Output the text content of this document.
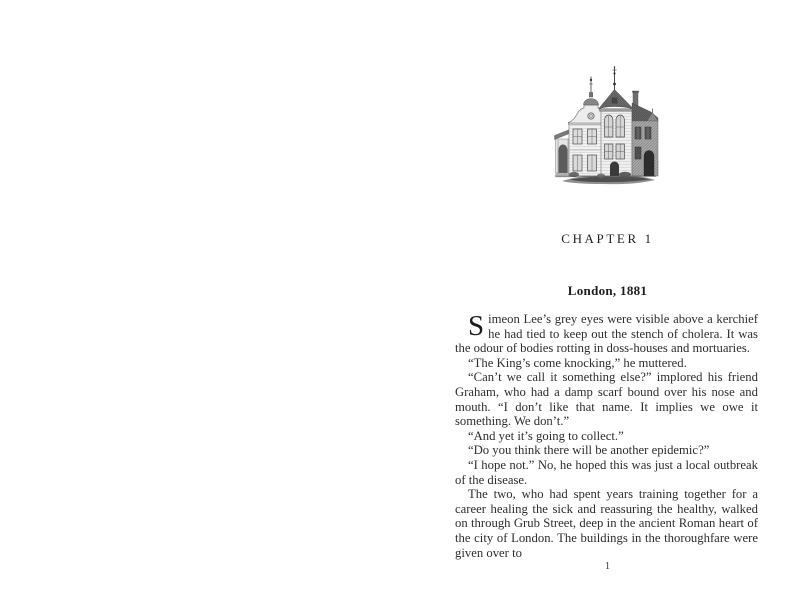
CHAPTER 1
London, 1881

Simeon Lee’s grey eyes were visible above a kerchief he had tied to keep out the stench of cholera. It was the odour of bodies rotting in doss-houses and mortuaries.

“The King’s come knocking,” he muttered.

“Can’t we call it something else?” implored his friend Graham, who had a damp scarf bound over his nose and mouth. “I don’t like that name. It implies we owe it something. We don’t.”

“And yet it’s going to collect.”

“Do you think there will be another epidemic?”

“I hope not.” No, he hoped this was just a local outbreak of the disease.

The two, who had spent years training together for a career healing the sick and reassuring the healthy, walked on through Grub Street, deep in the ancient Roman heart of the city of London. The buildings in the thoroughfare were given over to

1
